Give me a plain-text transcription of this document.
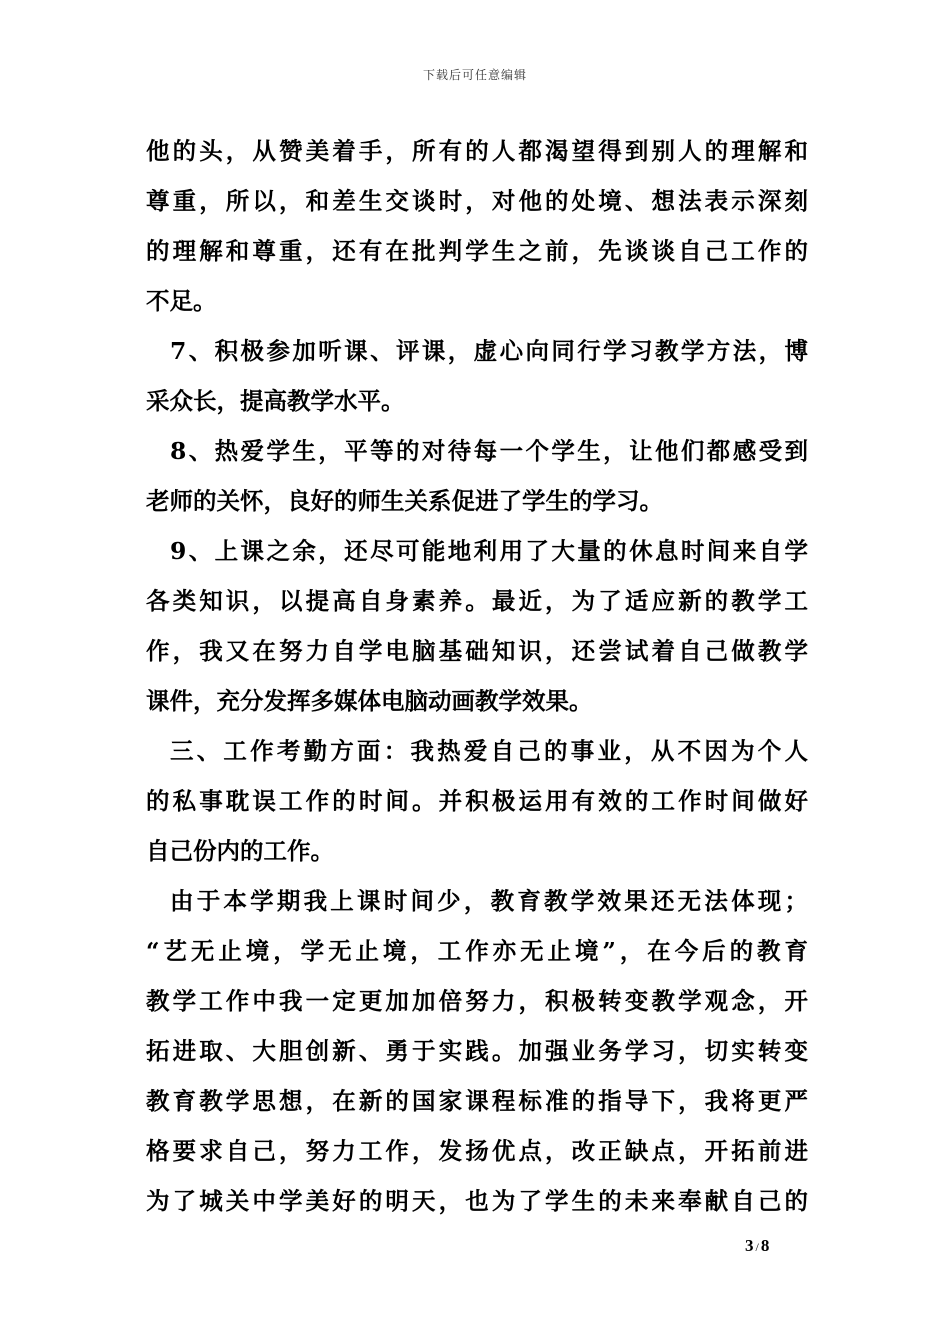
下载后可任意编辑
他的头，从赞美着手，所有的人都渴望得到别人的理解和
尊重，所以，和差生交谈时，对他的处境、想法表示深刻
的理解和尊重，还有在批判学生之前，先谈谈自己工作的
不足。
7、积极参加听课、评课，虚心向同行学习教学方法，博
采众长，提高教学水平。
8、热爱学生，平等的对待每一个学生，让他们都感受到
老师的关怀，良好的师生关系促进了学生的学习。
9、上课之余，还尽可能地利用了大量的休息时间来自学
各类知识，以提高自身素养。最近，为了适应新的教学工
作，我又在努力自学电脑基础知识，还尝试着自己做教学
课件，充分发挥多媒体电脑动画教学效果。
三、工作考勤方面：我热爱自己的事业，从不因为个人
的私事耽误工作的时间。并积极运用有效的工作时间做好
自己份内的工作。
由于本学期我上课时间少，教育教学效果还无法体现；
“艺无止境，学无止境，工作亦无止境”，在今后的教育
教学工作中我一定更加加倍努力，积极转变教学观念，开
拓进取、大胆创新、勇于实践。加强业务学习，切实转变
教育教学思想，在新的国家课程标准的指导下，我将更严
格要求自己，努力工作，发扬优点，改正缺点，开拓前进
为了城关中学美好的明天，也为了学生的未来奉献自己的
3 / 8
